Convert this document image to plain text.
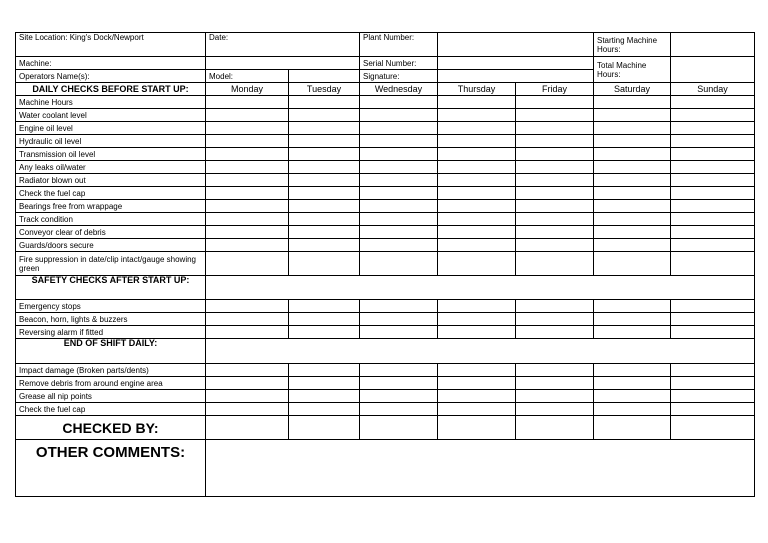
Site Location: King's Dock/Newport	Date:		Plant Number:			Starting Machine Hours:	
Machine:			Serial Number:			Total Machine Hours:	
Operators Name(s):	Model:		Signature:				
DAILY CHECKS BEFORE START UP:	Monday	Tuesday	Wednesday	Thursday	Friday	Saturday	Sunday
Machine Hours							
Water coolant level							
Engine oil level							
Hydraulic oil level							
Transmission oil level							
Any leaks oil/water							
Radiator blown out							
Check the fuel cap							
Bearings free from wrappage							
Track condition							
Conveyor clear of debris							
Guards/doors secure							
Fire suppression in date/clip intact/gauge showing green							
SAFETY CHECKS AFTER START UP:							
Emergency stops							
Beacon, horn, lights & buzzers							
Reversing alarm if fitted							
END OF SHIFT DAILY:							
Impact damage (Broken parts/dents)							
Remove debris from around engine area							
Grease all nip points							
Check the fuel cap							
CHECKED BY:							
OTHER COMMENTS:							
